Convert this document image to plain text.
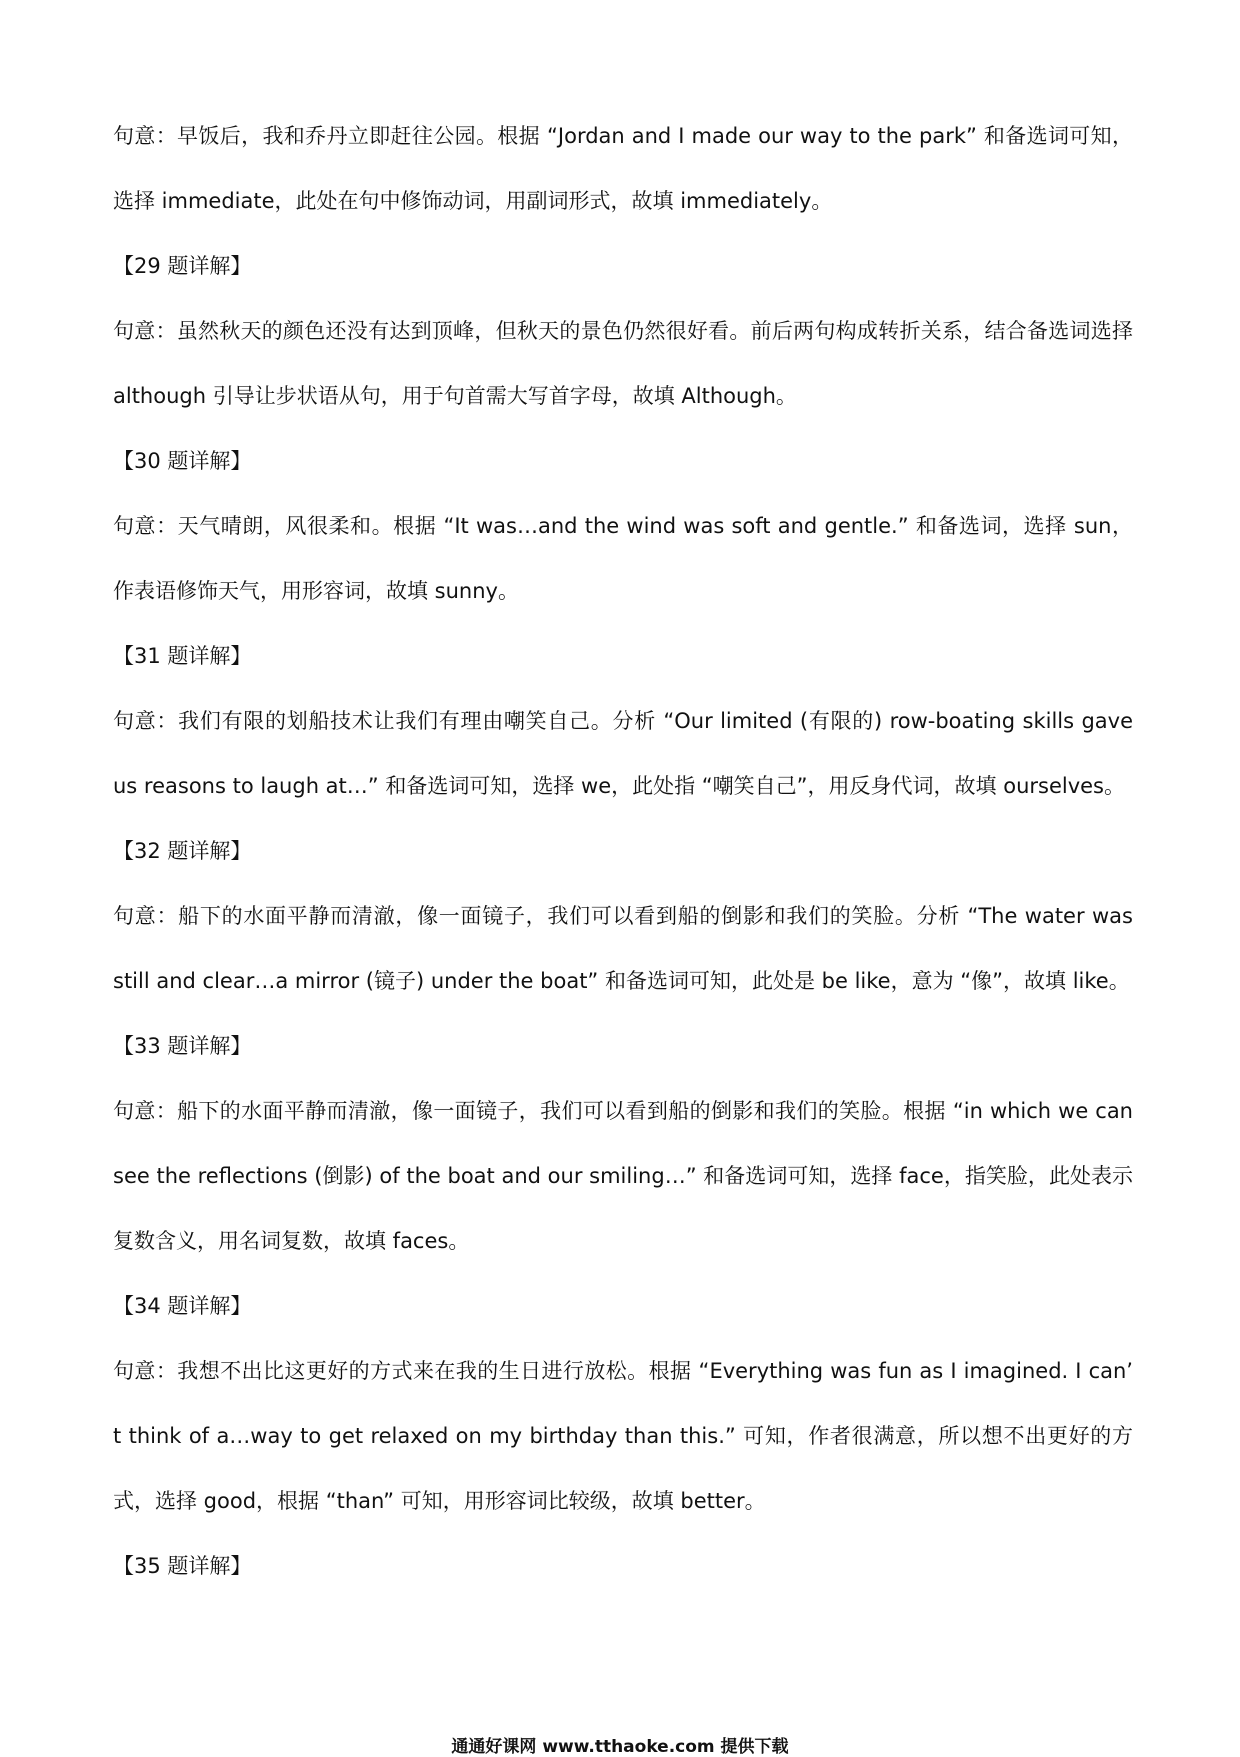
句意：早饭后，我和乔丹立即赶往公园。根据 “Jordan and I made our way to the park” 和备选词可知，选择 immediate，此处在句中修饰动词，用副词形式，故填 immediately。

【29 题详解】

句意：虽然秋天的颜色还没有达到顶峰，但秋天的景色仍然很好看。前后两句构成转折关系，结合备选词选择 although 引导让步状语从句，用于句首需大写首字母，故填 Although。

【30 题详解】

句意：天气晴朗，风很柔和。根据 “It was…and the wind was soft and gentle.” 和备选词，选择 sun，作表语修饰天气，用形容词，故填 sunny。

【31 题详解】

句意：我们有限的划船技术让我们有理由嘲笑自己。分析 “Our limited (有限的) row-boating skills gave us reasons to laugh at…” 和备选词可知，选择 we，此处指 “嘲笑自己”，用反身代词，故填 ourselves。

【32 题详解】

句意：船下的水面平静而清澈，像一面镜子，我们可以看到船的倒影和我们的笑脸。分析 “The water was still and clear…a mirror (镜子) under the boat” 和备选词可知，此处是 be like，意为 “像”，故填 like。

【33 题详解】

句意：船下的水面平静而清澈，像一面镜子，我们可以看到船的倒影和我们的笑脸。根据 “in which we can see the reflections (倒影) of the boat and our smiling…” 和备选词可知，选择 face，指笑脸，此处表示复数含义，用名词复数，故填 faces。

【34 题详解】

句意：我想不出比这更好的方式来在我的生日进行放松。根据 “Everything was fun as I imagined. I can’ t think of a…way to get relaxed on my birthday than this.” 可知，作者很满意，所以想不出更好的方式，选择 good，根据 “than” 可知，用形容词比较级，故填 better。

【35 题详解】

通通好课网 www.tthaoke.com 提供下载
